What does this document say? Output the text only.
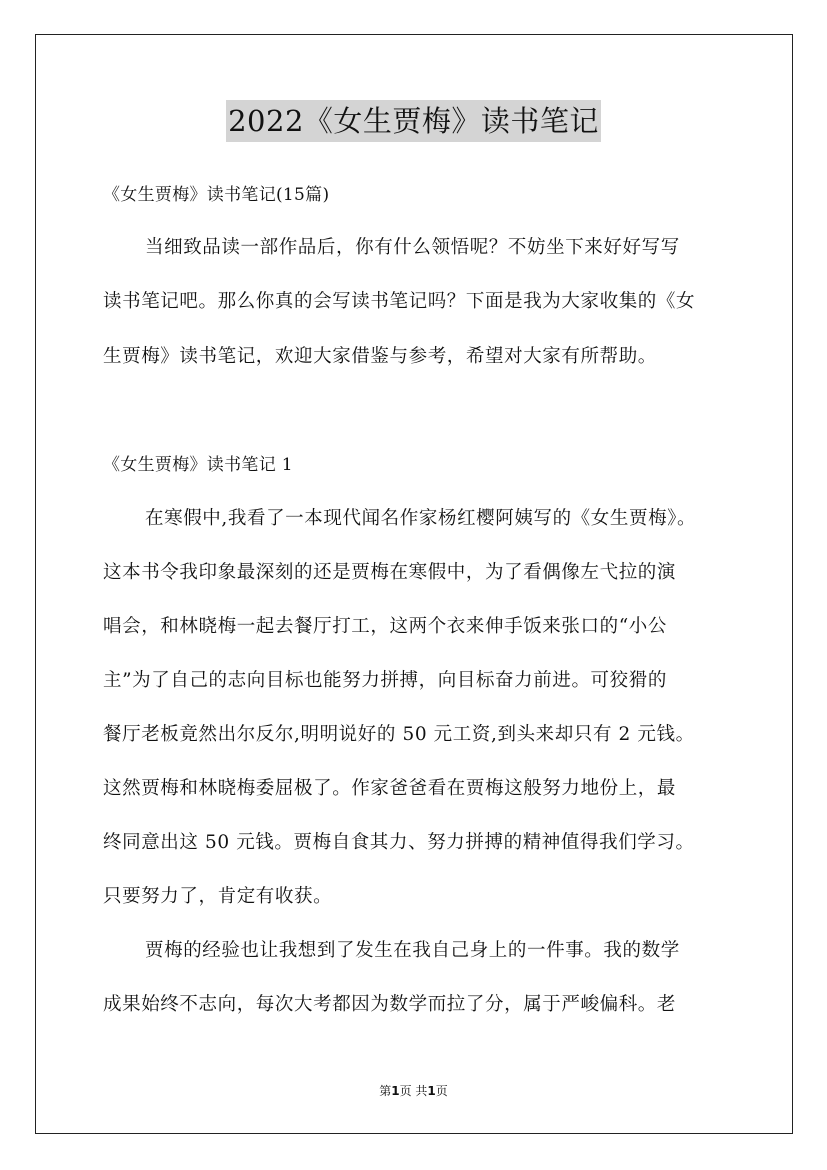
2022《女生贾梅》读书笔记

《女生贾梅》读书笔记(15篇)

当细致品读一部作品后，你有什么领悟呢？不妨坐下来好好写写

读书笔记吧。那么你真的会写读书笔记吗？下面是我为大家收集的《女

生贾梅》读书笔记，欢迎大家借鉴与参考，希望对大家有所帮助。

《女生贾梅》读书笔记 1

在寒假中,我看了一本现代闻名作家杨红樱阿姨写的《女生贾梅》。

这本书令我印象最深刻的还是贾梅在寒假中，为了看偶像左弋拉的演

唱会，和林晓梅一起去餐厅打工，这两个衣来伸手饭来张口的“小公

主”为了自己的志向目标也能努力拼搏，向目标奋力前进。可狡猾的

餐厅老板竟然出尔反尔,明明说好的 50 元工资,到头来却只有 2 元钱。

这然贾梅和林晓梅委屈极了。作家爸爸看在贾梅这般努力地份上，最

终同意出这 50 元钱。贾梅自食其力、努力拼搏的精神值得我们学习。

只要努力了，肯定有收获。

贾梅的经验也让我想到了发生在我自己身上的一件事。我的数学

成果始终不志向，每次大考都因为数学而拉了分，属于严峻偏科。老

第1页 共1页
